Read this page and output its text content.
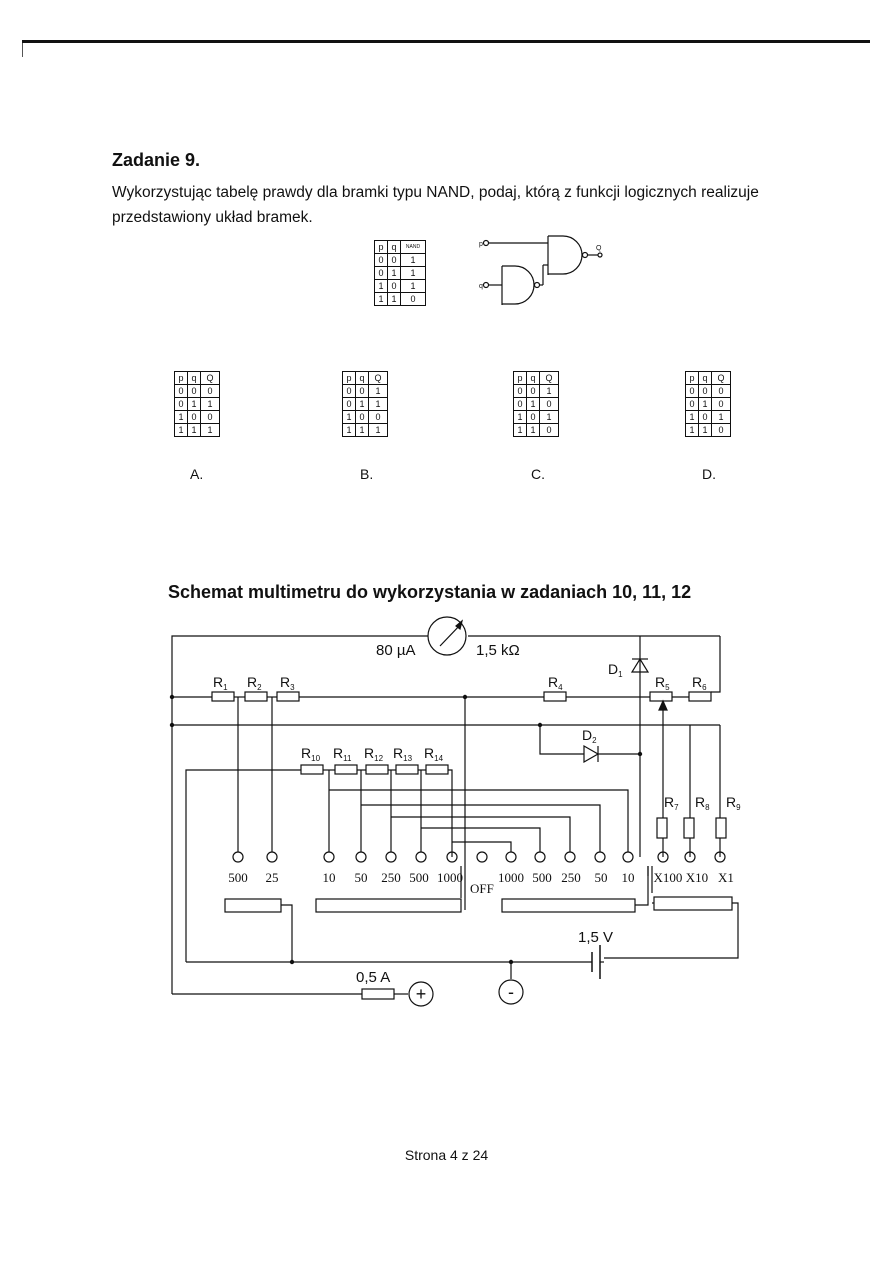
Zadanie 9.

Wykorzystując tabelę prawdy dla bramki typu NAND, podaj, którą z funkcji logicznych realizuje przedstawiony układ bramek.

p	q	NAND
0	0	1
0	1	1
1	0	1
1	1	0
p	q	Q
0	0	0
0	1	1
1	0	0
1	1	1
p	q	Q
0	0	1
0	1	1
1	0	0
1	1	1
p	q	Q
0	0	1
0	1	0
1	0	1
1	1	0
p	q	Q
0	0	0
0	1	0
1	0	1
1	1	0
A.	B.	C.	D.
Schemat multimetru do wykorzystania w zadaniach 10, 11, 12
p
q
Q
80 µA	1,5 kΩ
$R_1$ $R_2$ $R_3$	$R_4$
$D_1$ $R_5$ $R_6$
$D_2$
$R_7$ $R_8$ $R_9$
$R_{10}$ $R_{11}$ $R_{12}$ $R_{13}$ $R_{14}$
500 25	10 50 250 500 1000	1000 500 250 50 10 X100 X10 X1
OFF
1,5 V
0,5 A
+	-
Strona 4 z 24
